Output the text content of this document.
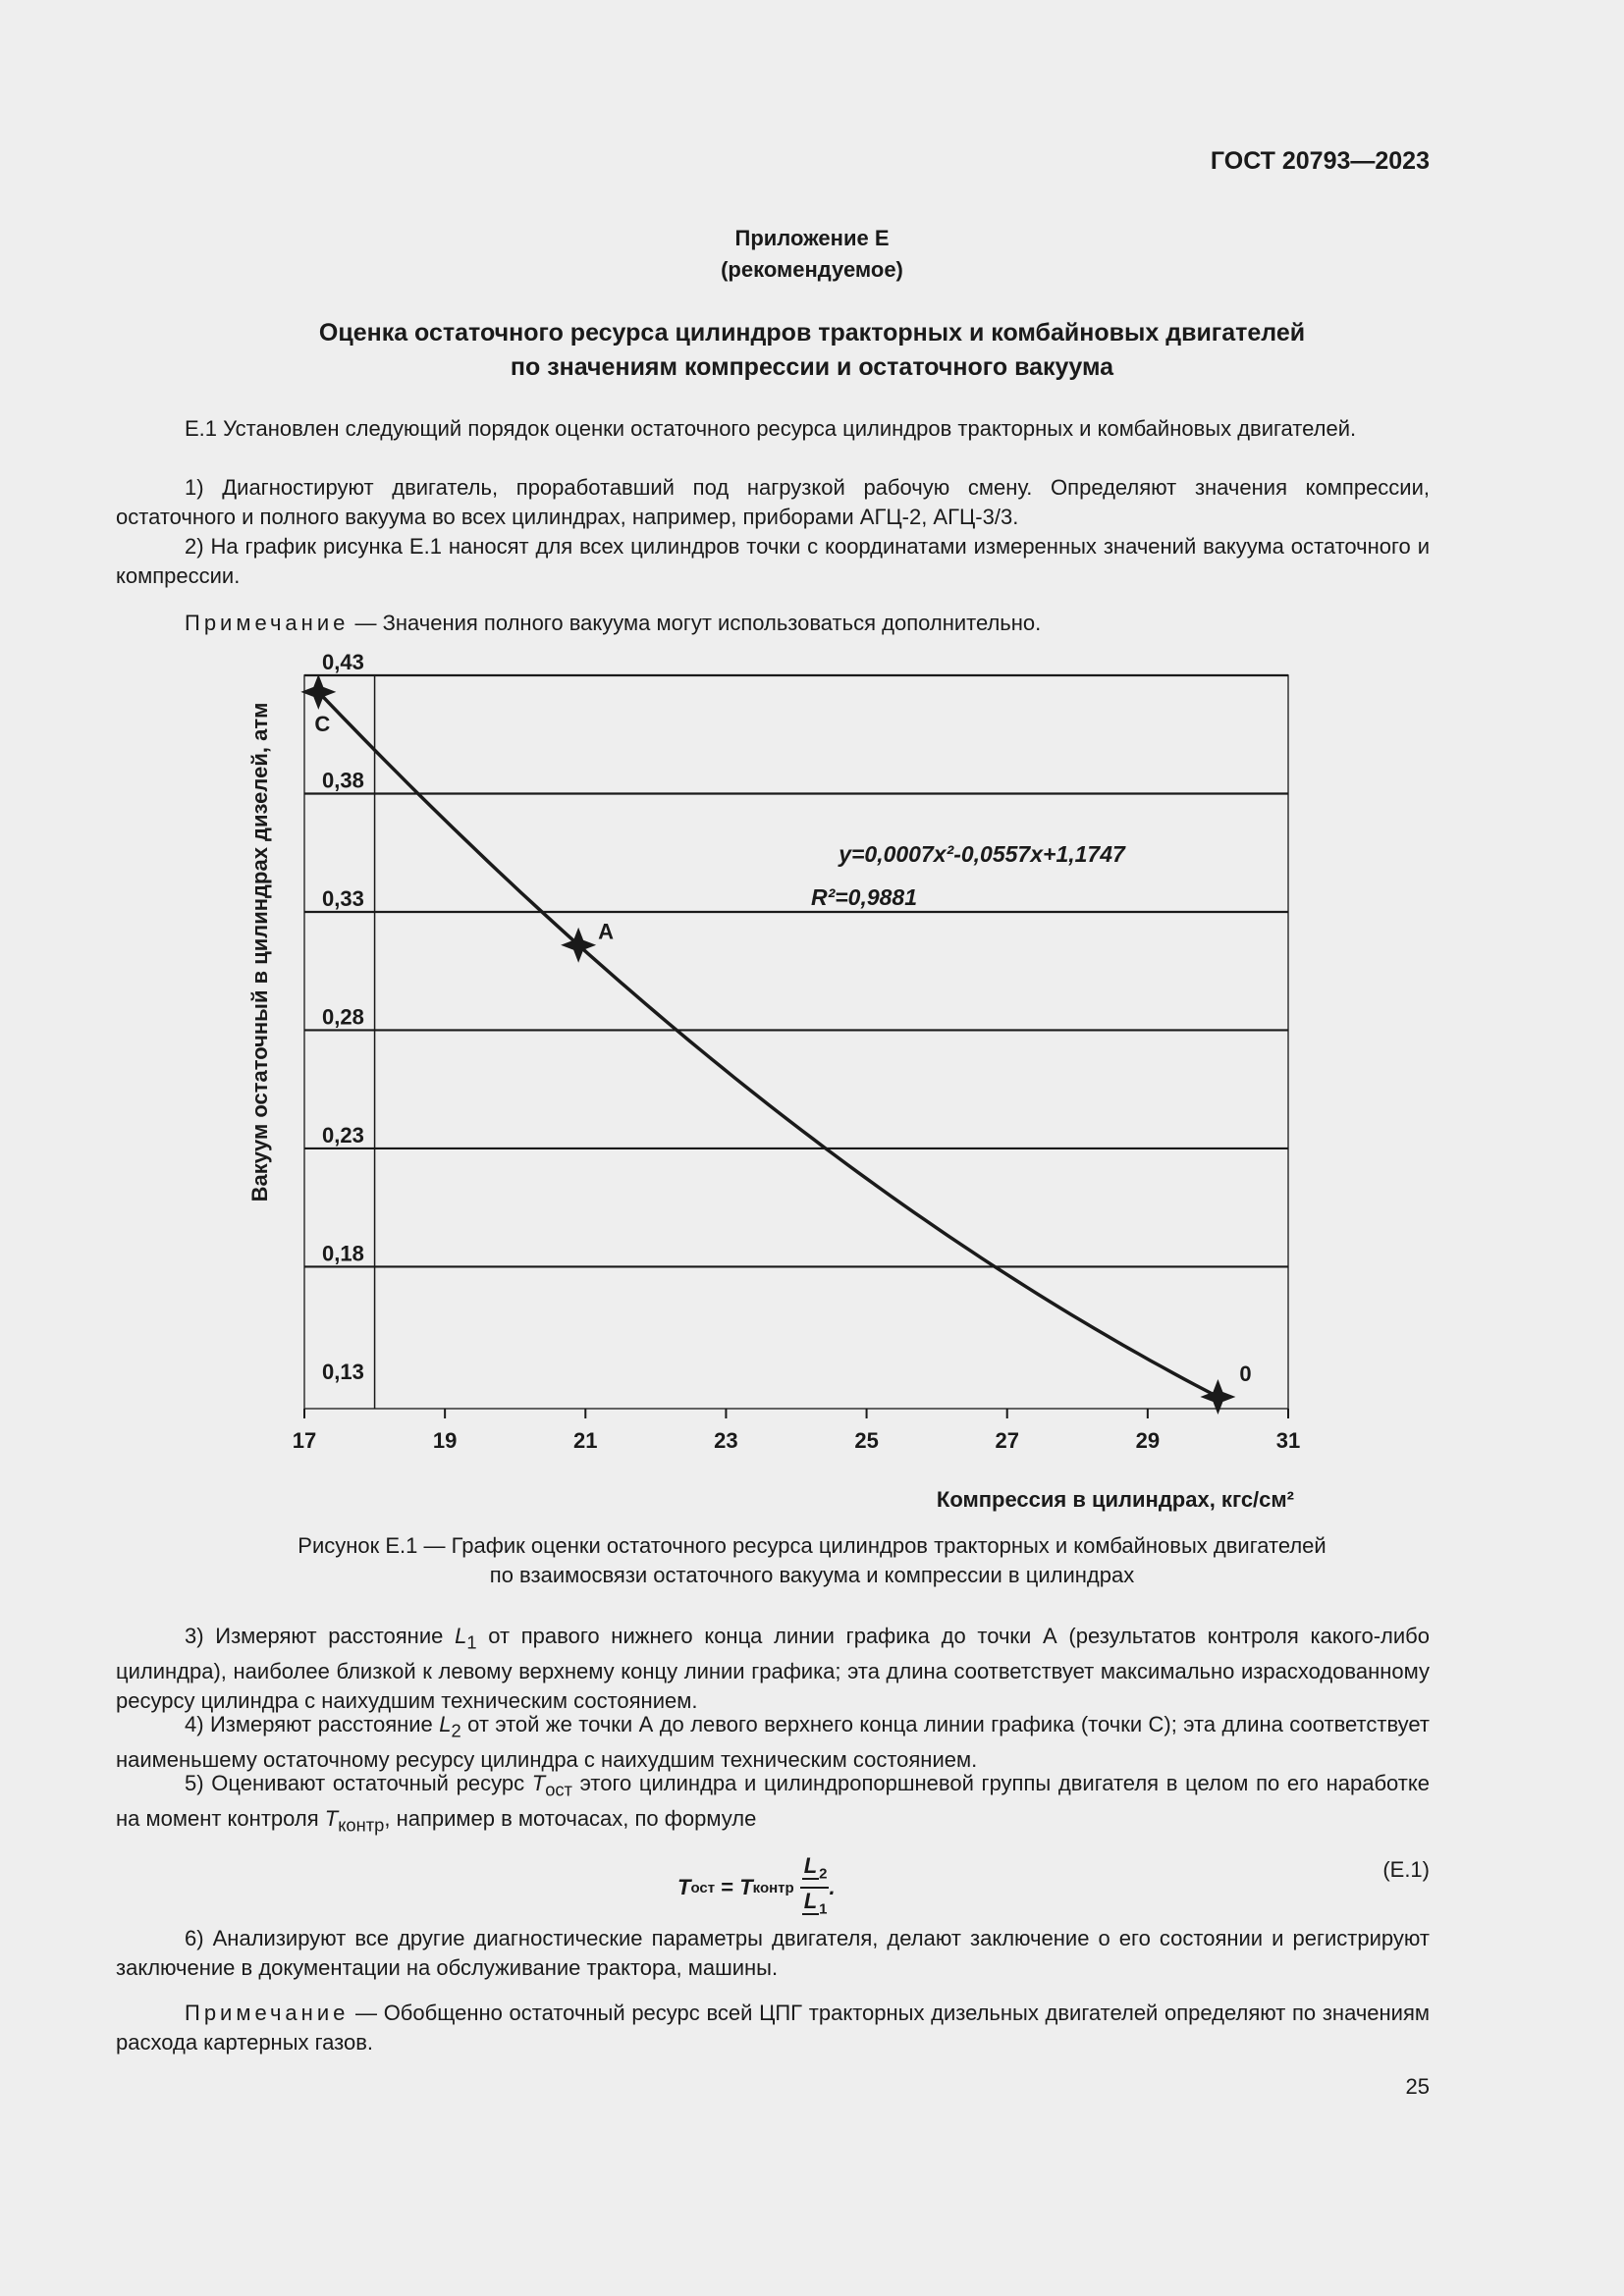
ГОСТ 20793—2023
Приложение Е
(рекомендуемое)
Оценка остаточного ресурса цилиндров тракторных и комбайновых двигателей
по значениям компрессии и остаточного вакуума

Е.1 Установлен следующий порядок оценки остаточного ресурса цилиндров тракторных и комбайновых двигателей.

1) Диагностируют двигатель, проработавший под нагрузкой рабочую смену. Определяют значения компрессии, остаточного и полного вакуума во всех цилиндрах, например, приборами АГЦ-2, АГЦ-3/3.

2) На график рисунка Е.1 наносят для всех цилиндров точки с координатами измеренных значений вакуума остаточного и компрессии.

Примечание — Значения полного вакуума могут использоваться дополнительно.

C
A
0
0,43
0,38
0,33
0,28
0,23
0,18
0,13
17	19	21	23	25	27	29	31
y=0,0007x²-0,0557x+1,1747
R²=0,9881
Компрессия в цилиндрах, кгс/см²
Вакуум остаточный в цилиндрах дизелей, атм
Рисунок Е.1 — График оценки остаточного ресурса цилиндров тракторных и комбайновых двигателей
по взаимосвязи остаточного вакуума и компрессии в цилиндрах

3) Измеряют расстояние $L_1$ от правого нижнего конца линии графика до точки А (результатов контроля какого-либо цилиндра), наиболее близкой к левому верхнему концу линии графика; эта длина соответствует максимально израсходованному ресурсу цилиндра с наихудшим техническим состоянием.

4) Измеряют расстояние $L_2$ от этой же точки А до левого верхнего конца линии графика (точки С); эта длина соответствует наименьшему остаточному ресурсу цилиндра с наихудшим техническим состоянием.

5) Оценивают остаточный ресурс $T_{ост}$ этого цилиндра и цилиндропоршневой группы двигателя в целом по его наработке на момент контроля $T_{контр}$, например в моточасах, по формуле

T ост = T контр $\frac{L _2}{L _1}$ .
(Е.1)

6) Анализируют все другие диагностические параметры двигателя, делают заключение о его состоянии и регистрируют заключение в документации на обслуживание трактора, машины.

Примечание — Обобщенно остаточный ресурс всей ЦПГ тракторных дизельных двигателей определяют по значениям расхода картерных газов.

25
